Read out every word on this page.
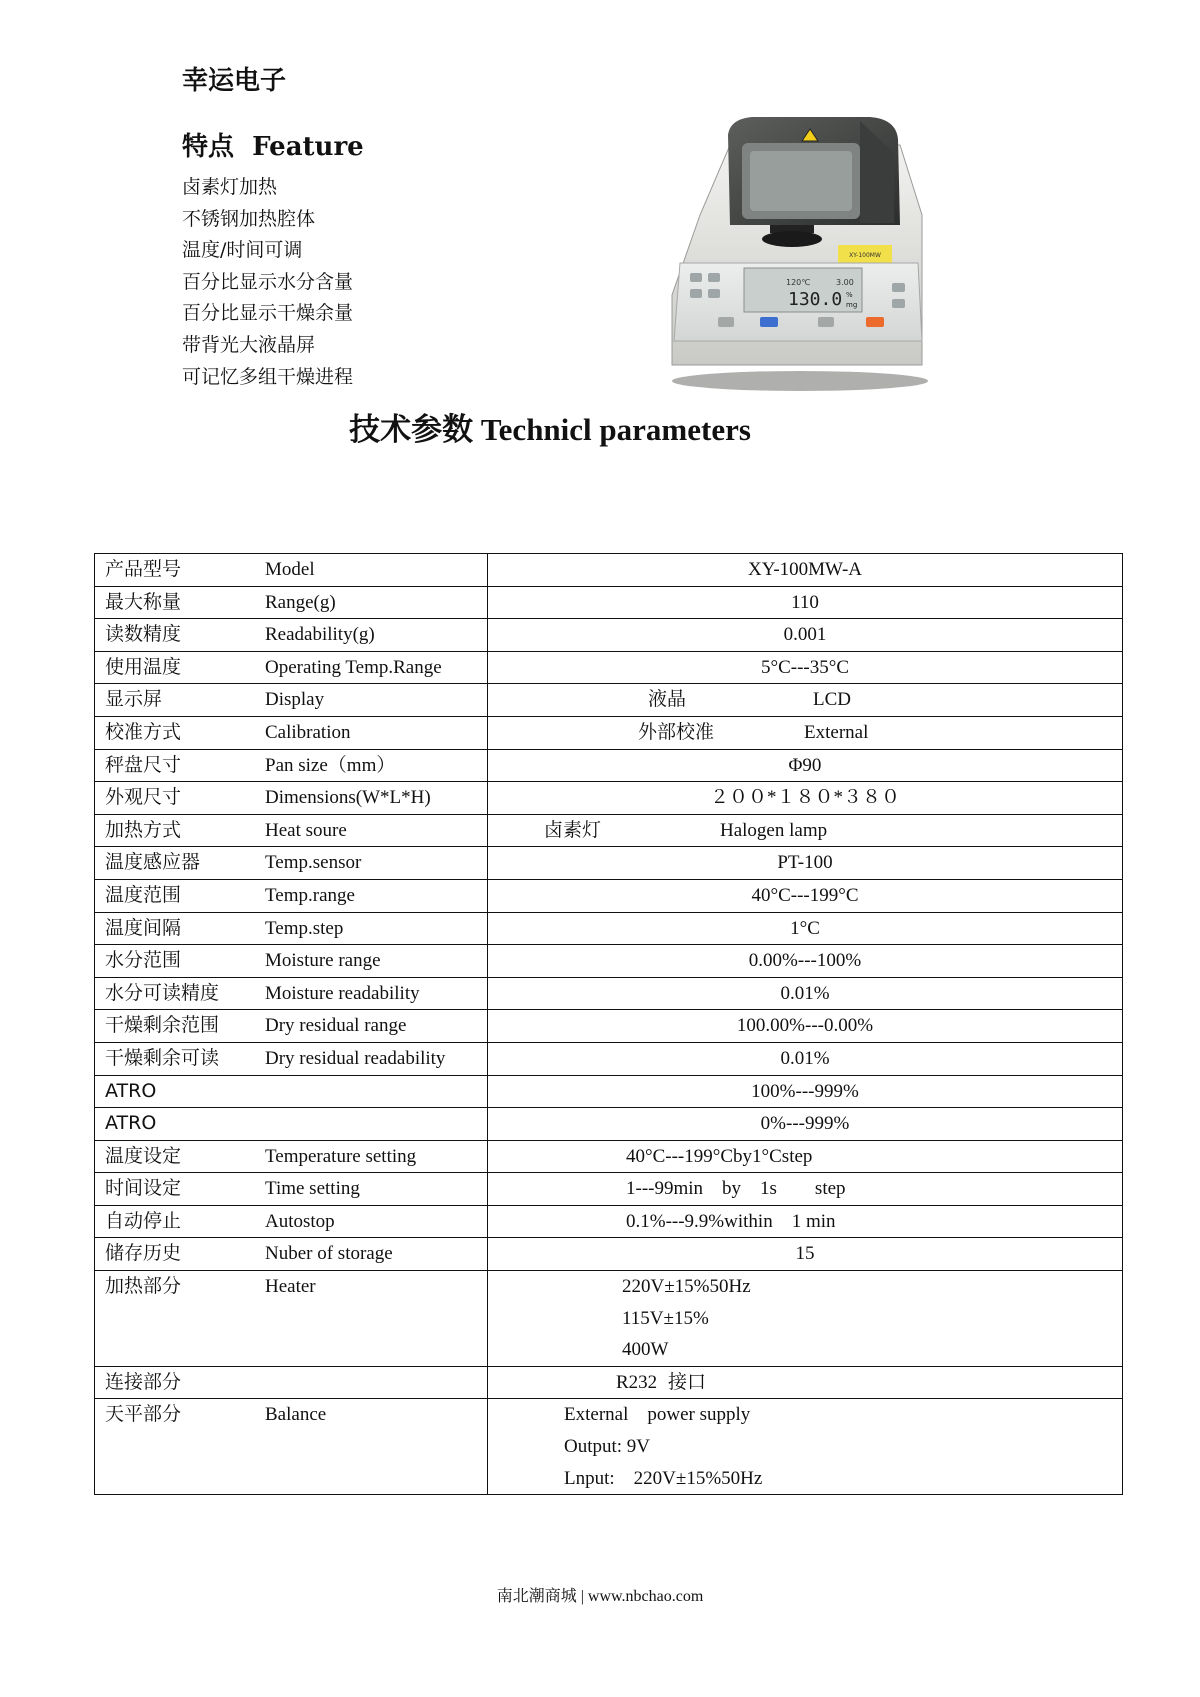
幸运电子
特点 Feature
卤素灯加热
不锈钢加热腔体
温度/时间可调
百分比显示水分含量
百分比显示干燥余量
带背光大液晶屏
可记忆多组干燥进程
XY-100MW
120℃	3.00
130.0 %
mg
技术参数 Technicl parameters
产品型号 Model	XY-100MW-A

最大称量 Range(g)	110

读数精度 Readability(g)	0.001

使用温度 Operating Temp.Range	5°C---35°C

显示屏 Display	液晶 LCD

校准方式 Calibration	外部校准 External

秤盘尺寸 Pan size（mm）	Φ90

外观尺寸 Dimensions(W*L*H)	２００*１８０*３８０

加热方式 Heat soure	卤素灯 Halogen lamp

温度感应器 Temp.sensor	PT-100

温度范围 Temp.range	40°C---199°C

温度间隔 Temp.step	1°C

水分范围 Moisture range	0.00%---100%

水分可读精度 Moisture readability	0.01%

干燥剩余范围 Dry residual range	100.00%---0.00%

干燥剩余可读 Dry residual readability	0.01%

ATRO	100%---999%

ATRO	0%---999%

温度设定 Temperature setting	40°C---199°Cby1°Cstep

时间设定 Time setting	1---99min    by    1s        step

自动停止 Autostop	0.1%---9.9%within    1 min

储存历史 Nuber of storage	15

加热部分 Heater	220V±15%50Hz
115V±15%
400W

连接部分	R232 接口

天平部分 Balance	External    power supply
Output: 9V
Lnput:    220V±15%50Hz
南北潮商城 | www.nbchao.com
